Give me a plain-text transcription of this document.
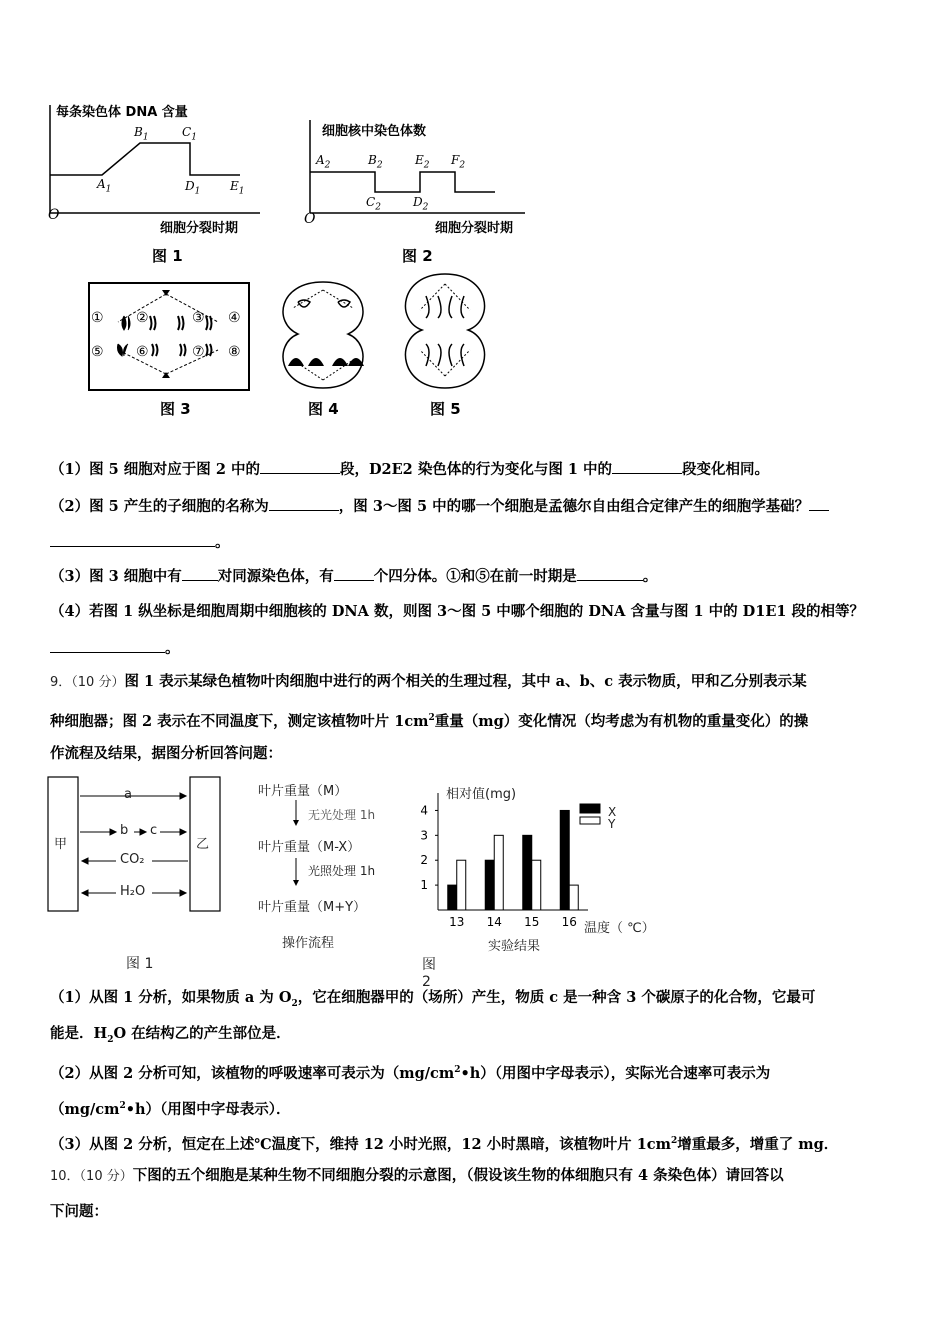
每条染色体 DNA 含量
细胞分裂时期
O
$A_1$
$B_1$	$C_1$
$D_1$ $E_1$
图 1
细胞核中染色体数
细胞分裂时期
O
$A_2$	$B_2$
$C_2$	$D_2$
$E_2$ $F_2$
图 2
① ②	③ ④
⑤ ⑥	⑦ ⑧
图 3	图 4	图 5
（1）图 5 细胞对应于图 2 中的	段，D2E2 染色体的行为变化与图 1 中的	段变化相同。
（2）图 5 产生的子细胞的名称为	，图 3～图 5 中的哪一个细胞是孟德尔自由组合定律产生的细胞学基础？
。
（3）图 3 细胞中有 对同源染色体，有	个四分体。①和⑤在前一时期是	。
（4）若图 1 纵坐标是细胞周期中细胞核的 DNA 数，则图 3～图 5 中哪个细胞的 DNA 含量与图 1 中的 D1E1 段的相等？
。
9．（10 分）图 1 表示某绿色植物叶肉细胞中进行的两个相关的生理过程，其中 a、b、c 表示物质，甲和乙分别表示某
种细胞器；图 2 表示在不同温度下，测定该植物叶片 $1cm^2$重量（mg）变化情况（均考虑为有机物的重量变化）的操
作流程及结果，据图分析回答问题：
甲	乙
a
b c
CO₂
H₂O
图 1
叶片重量（M）
无光处理 1h
叶片重量（M-X）
光照处理 1h
叶片重量（M+Y）
操作流程
图 2
1
2
3
4
13 14 15 16
相对值(mg)
温度（ ℃）
实验结果
X
Y
（1）从图 1 分析，如果物质 a 为 $O_2$，它在细胞器甲的（场所）产生，物质 c 是一种含 3 个碳原子的化合物，它最可
能是．$H_2O$ 在结构乙的产生部位是．
（2）从图 2 分析可知，该植物的呼吸速率可表示为$(mg/cm^2•h)$（用图中字母表示），实际光合速率可表示为
$(mg/cm^2•h)$（用图中字母表示）．
（3）从图 2 分析，恒定在上述℃温度下，维持 12 小时光照，12 小时黑暗，该植物叶片 $1cm^2$增重最多，增重了 mg．
10．（10 分）下图的五个细胞是某种生物不同细胞分裂的示意图，（假设该生物的体细胞只有 4 条染色体）请回答以
下问题：
